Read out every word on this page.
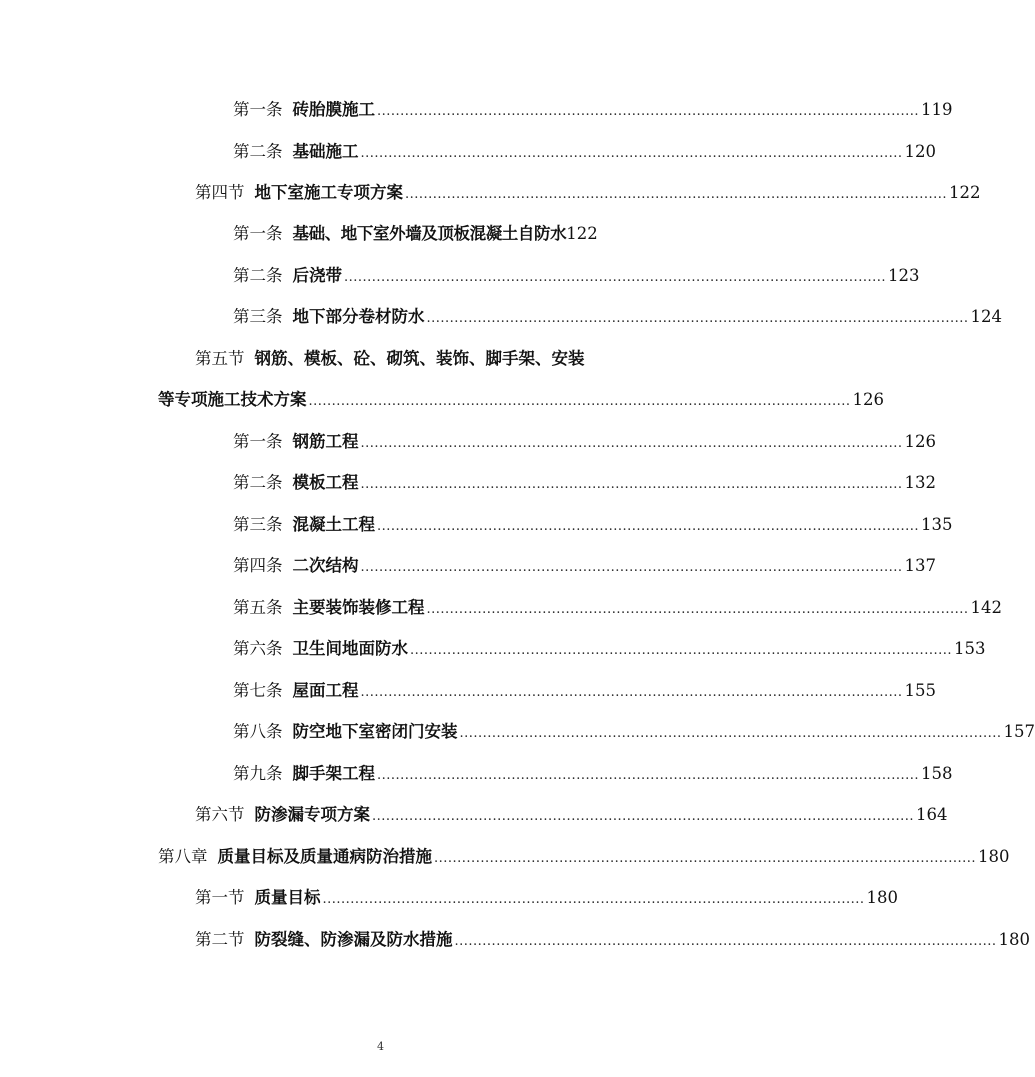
第一条 砖胎膜施工 ..................................................................................................................... 119
第二条 基础施工 ..................................................................................................................... 120
第四节 地下室施工专项方案 ..................................................................................................................... 122
第一条 基础、地下室外墙及顶板混凝土自防水 122
第二条 后浇带 ..................................................................................................................... 123
第三条 地下部分卷材防水 ..................................................................................................................... 124
第五节 钢筋、模板、砼、砌筑、装饰、脚手架、安装
等专项施工技术方案 ..................................................................................................................... 126
第一条 钢筋工程 ..................................................................................................................... 126
第二条 模板工程 ..................................................................................................................... 132
第三条 混凝土工程 ..................................................................................................................... 135
第四条 二次结构 ..................................................................................................................... 137
第五条 主要装饰装修工程 ..................................................................................................................... 142
第六条 卫生间地面防水 ..................................................................................................................... 153
第七条 屋面工程 ..................................................................................................................... 155
第八条 防空地下室密闭门安装 ..................................................................................................................... 157
第九条 脚手架工程 ..................................................................................................................... 158
第六节 防渗漏专项方案 ..................................................................................................................... 164
第八章 质量目标及质量通病防治措施 ..................................................................................................................... 180
第一节 质量目标 ..................................................................................................................... 180
第二节 防裂缝、防渗漏及防水措施 ..................................................................................................................... 180
4
